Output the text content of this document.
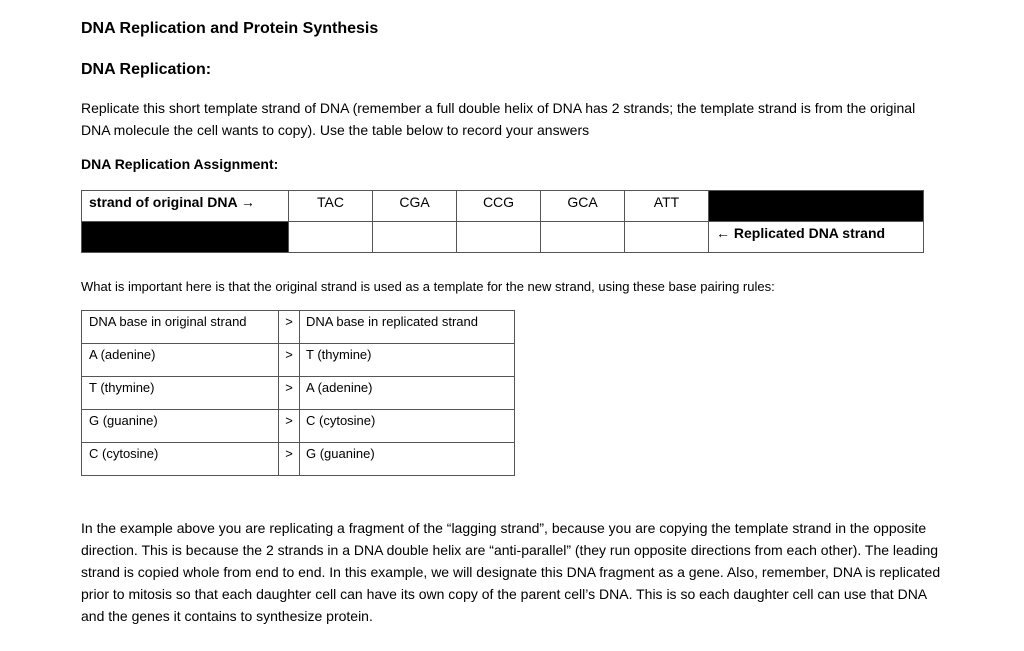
DNA Replication and Protein Synthesis
DNA Replication:
Replicate this short template strand of DNA (remember a full double helix of DNA has 2 strands; the template strand is from the original DNA molecule the cell wants to copy). Use the table below to record your answers
DNA Replication Assignment:
strand of original DNA →	TAC	CGA	CCG	GCA	ATT	
						← Replicated DNA strand
What is important here is that the original strand is used as a template for the new strand, using these base pairing rules:
DNA base in original strand	>	DNA base in replicated strand
A (adenine)	>	T (thymine)
T (thymine)	>	A (adenine)
G (guanine)	>	C (cytosine)
C (cytosine)	>	G (guanine)
In the example above you are replicating a fragment of the “lagging strand”, because you are copying the template strand in the opposite direction. This is because the 2 strands in a DNA double helix are “anti-parallel” (they run opposite directions from each other). The leading strand is copied whole from end to end. In this example, we will designate this DNA fragment as a gene. Also, remember, DNA is replicated prior to mitosis so that each daughter cell can have its own copy of the parent cell’s DNA. This is so each daughter cell can use that DNA and the genes it contains to synthesize protein.
